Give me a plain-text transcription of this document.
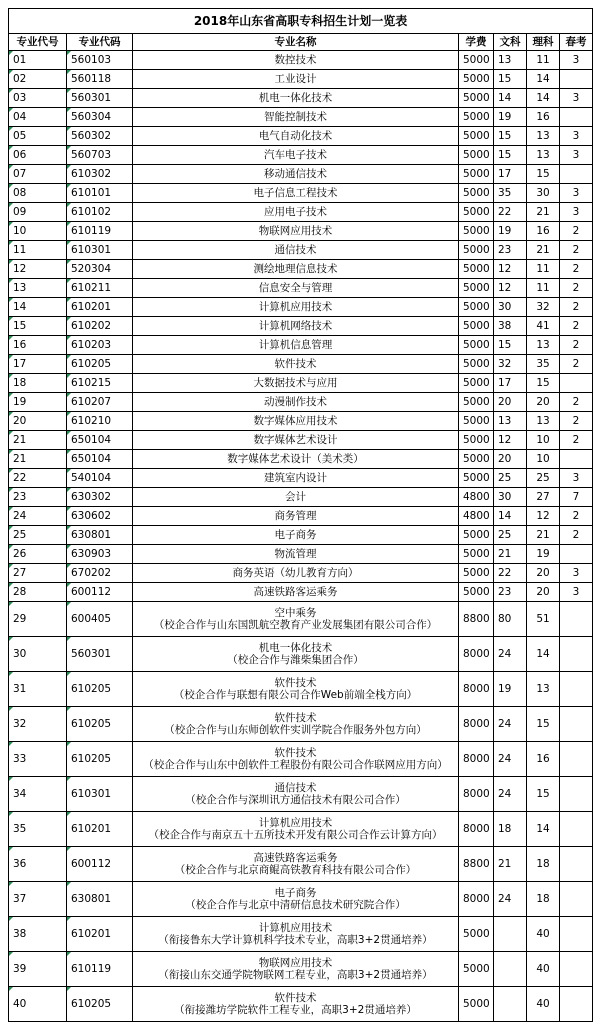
2018年山东省高职专科招生计划一览表						
专业代号	专业代码	专业名称	学费	文科	理科	春考
01	560103	数控技术	5000	13	11	3
02	560118	工业设计	5000	15	14	
03	560301	机电一体化技术	5000	14	14	3
04	560304	智能控制技术	5000	19	16	
05	560302	电气自动化技术	5000	15	13	3
06	560703	汽车电子技术	5000	15	13	3
07	610302	移动通信技术	5000	17	15	
08	610101	电子信息工程技术	5000	35	30	3
09	610102	应用电子技术	5000	22	21	3
10	610119	物联网应用技术	5000	19	16	2
11	610301	通信技术	5000	23	21	2
12	520304	测绘地理信息技术	5000	12	11	2
13	610211	信息安全与管理	5000	12	11	2
14	610201	计算机应用技术	5000	30	32	2
15	610202	计算机网络技术	5000	38	41	2
16	610203	计算机信息管理	5000	15	13	2
17	610205	软件技术	5000	32	35	2
18	610215	大数据技术与应用	5000	17	15	
19	610207	动漫制作技术	5000	20	20	2
20	610210	数字媒体应用技术	5000	13	13	2
21	650104	数字媒体艺术设计	5000	12	10	2
21	650104	数字媒体艺术设计（美术类）	5000	20	10	
22	540104	建筑室内设计	5000	25	25	3
23	630302	会计	4800	30	27	7
24	630602	商务管理	4800	14	12	2
25	630801	电子商务	5000	25	21	2
26	630903	物流管理	5000	21	19	
27	670202	商务英语（幼儿教育方向）	5000	22	20	3
28	600112	高速铁路客运乘务	5000	23	20	3
29	600405	空中乘务
（校企合作与山东国凯航空教育产业发展集团有限公司合作）	8800	80	51	
30	560301	机电一体化技术
（校企合作与潍柴集团合作）	8000	24	14	
31	610205	软件技术
（校企合作与联想有限公司合作Web前端全栈方向）	8000	19	13	
32	610205	软件技术
（校企合作与山东师创软件实训学院合作服务外包方向）	8000	24	15	
33	610205	软件技术
（校企合作与山东中创软件工程股份有限公司合作联网应用方向）	8000	24	16	
34	610301	通信技术
（校企合作与深圳讯方通信技术有限公司合作）	8000	24	15	
35	610201	计算机应用技术
（校企合作与南京五十五所技术开发有限公司合作云计算方向）	8000	18	14	
36	600112	高速铁路客运乘务
（校企合作与北京商鲲高铁教育科技有限公司合作）	8800	21	18	
37	630801	电子商务
（校企合作与北京中清研信息技术研究院合作）	8000	24	18	
38	610201	计算机应用技术
（衔接鲁东大学计算机科学技术专业，高职3+2贯通培养）	5000		40	
39	610119	物联网应用技术
（衔接山东交通学院物联网工程专业，高职3+2贯通培养）	5000		40	
40	610205	软件技术
（衔接潍坊学院软件工程专业，高职3+2贯通培养）	5000		40	
